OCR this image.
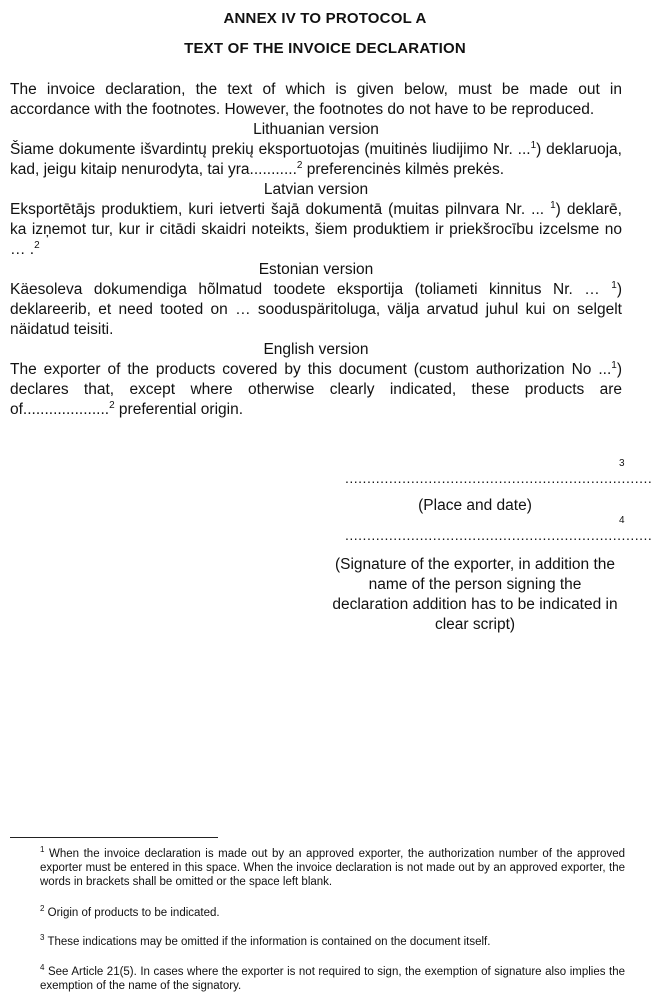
ANNEX IV TO PROTOCOL A
TEXT OF THE INVOICE DECLARATION

The invoice declaration, the text of which is given below, must be made out in accordance with the footnotes. However, the footnotes do not have to be reproduced.

Lithuanian version

Šiame dokumente išvardintų prekių eksportuotojas (muitinės liudijimo Nr. ...$^1$) deklaruoja, kad, jeigu kitaip nenurodyta, tai yra...........$^2$ preferencinės kilmės prekės.

Latvian version

Eksportētājs produktiem, kuri ietverti šajā dokumentā (muitas pilnvara Nr. ... $^1$) deklarē, ka izņemot tur, kur ir citādi skaidri noteikts, šiem produktiem ir priekšrocību izcelsme no … .$^2$

Estonian version

Käesoleva dokumendiga hõlmatud toodete eksportija (toliameti kinnitus Nr. … $^1$) deklareerib, et need tooted on … sooduspäritoluga, välja arvatud juhul kui on selgelt näidatud teisiti.

English version

The exporter of the products covered by this document (custom authorization No ...$^1$) declares that, except where otherwise clearly indicated, these products are of....................$^2$ preferential origin.

......................................................................
3
(Place and date)
......................................................................
4
(Signature of the exporter, in addition the name of the person signing the declaration addition has to be indicated in clear script)
$^1$ When the invoice declaration is made out by an approved exporter, the authorization number of the approved exporter must be entered in this space. When the invoice declaration is not made out by an approved exporter, the words in brackets shall be omitted or the space left blank.
$^2$ Origin of products to be indicated.
$^3$ These indications may be omitted if the information is contained on the document itself.
$^4$ See Article 21(5). In cases where the exporter is not required to sign, the exemption of signature also implies the exemption of the name of the signatory.
